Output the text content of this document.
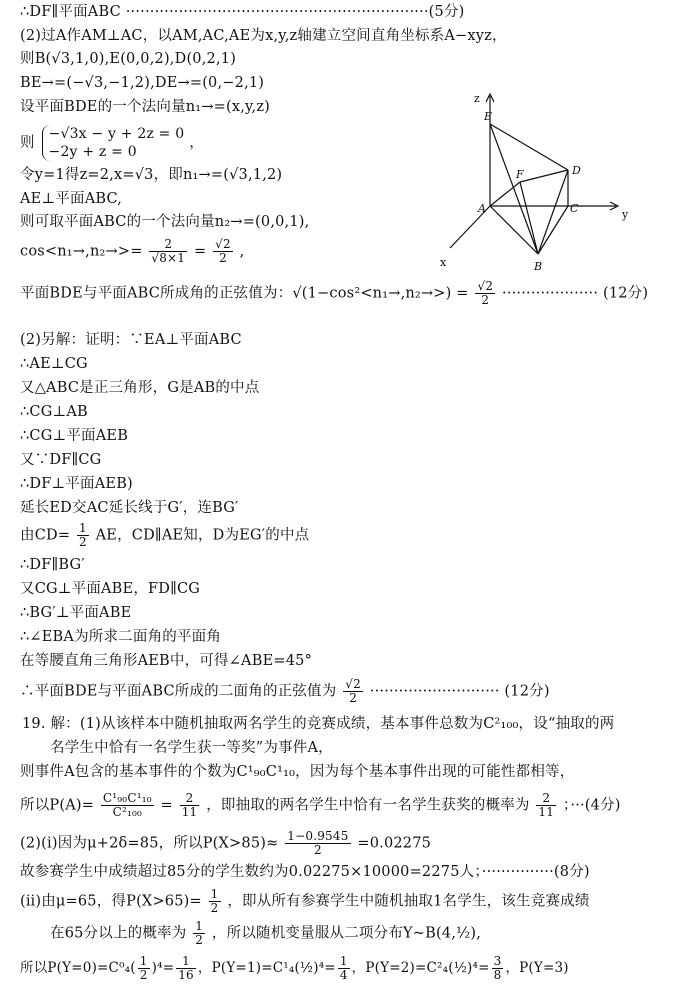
∴DF∥平面ABC ·······························································(5分)
(2)过A作AM⊥AC，以AM,AC,AE为x,y,z轴建立空间直角坐标系A−xyz，
则B(√3,1,0),E(0,0,2),D(0,2,1)
BE→=(−√3,−1,2),DE→=(0,−2,1)
设平面BDE的一个法向量n₁→=(x,y,z)
则
−√3x − y + 2z = 0
−2y + z = 0
，
令y=1得z=2,x=√3，即n₁→=(√3,1,2)
AE⊥平面ABC,
则可取平面ABC的一个法向量n₂→=(0,0,1),
$\cos<n_1\to,n_2\to>= \frac{2}{√8\times 1} = \frac{√2}{2}$ ,
平面BDE与平面ABC所成角的正弦值为：$√(1-\cos^2<n_1\to,n_2\to>) = \frac{√2}{2}$ ···················· (12分)
(2)另解：证明：∵EA⊥平面ABC
∴AE⊥CG
又△ABC是正三角形，G是AB的中点
∴CG⊥AB
∴CG⊥平面AEB
又∵DF∥CG
∴DF⊥平面AEB)
延长ED交AC延长线于G′，连BG′
由$CD= \frac{1}{2}$ AE，CD∥AE知，D为EG′的中点
∴DF∥BG′
又CG⊥平面ABE，FD∥CG
∴BG′⊥平面ABE
∴∠EBA为所求二面角的平面角
在等腰直角三角形AEB中，可得∠ABE=45°
∴平面BDE与平面ABC所成的二面角的正弦值为 $\frac{√2}{2}$ ··························· (12分)
19. 解：(1)从该样本中随机抽取两名学生的竞赛成绩，基本事件总数为C²₁₀₀，设“抽取的两
名学生中恰有一名学生获一等奖”为事件A，
则事件A包含的基本事件的个数为C¹₉₀C¹₁₀，因为每个基本事件出现的可能性都相等，
所以$P(A)= \frac{\text{C¹₉₀C¹₁₀}}{\text{C²₁₀₀}} = \frac{2}{11}$ ，即抽取的两名学生中恰有一名学生获奖的概率为 $\frac{2}{11}$ ；···(4分)
(2)(ⅰ)因为μ+2δ=85，所以$P(X>85)\approx \frac{1-0.9545}{2} =0.02275$
故参赛学生中成绩超过85分的学生数约为0.02275×10000=2275人；···············(8分)
(ⅱ)由μ=65，得$P(X>65)= \frac{1}{2}$ ，即从所有参赛学生中随机抽取1名学生，该生竞赛成绩
在65分以上的概率为 $\frac{1}{2}$ ，所以随机变量服从二项分布Y~B(4,½),
所以$P(Y=0)=C^0_4( \frac{1}{2} )^4= \frac{1}{16}$ ，P(Y=1)=C¹₄(½)⁴= $\frac{1}{4}$ ，P(Y=2)=C²₄(½)⁴= $\frac{3}{8}$ ，P(Y=3)
z
y
x
E
D
F
A	C
B
